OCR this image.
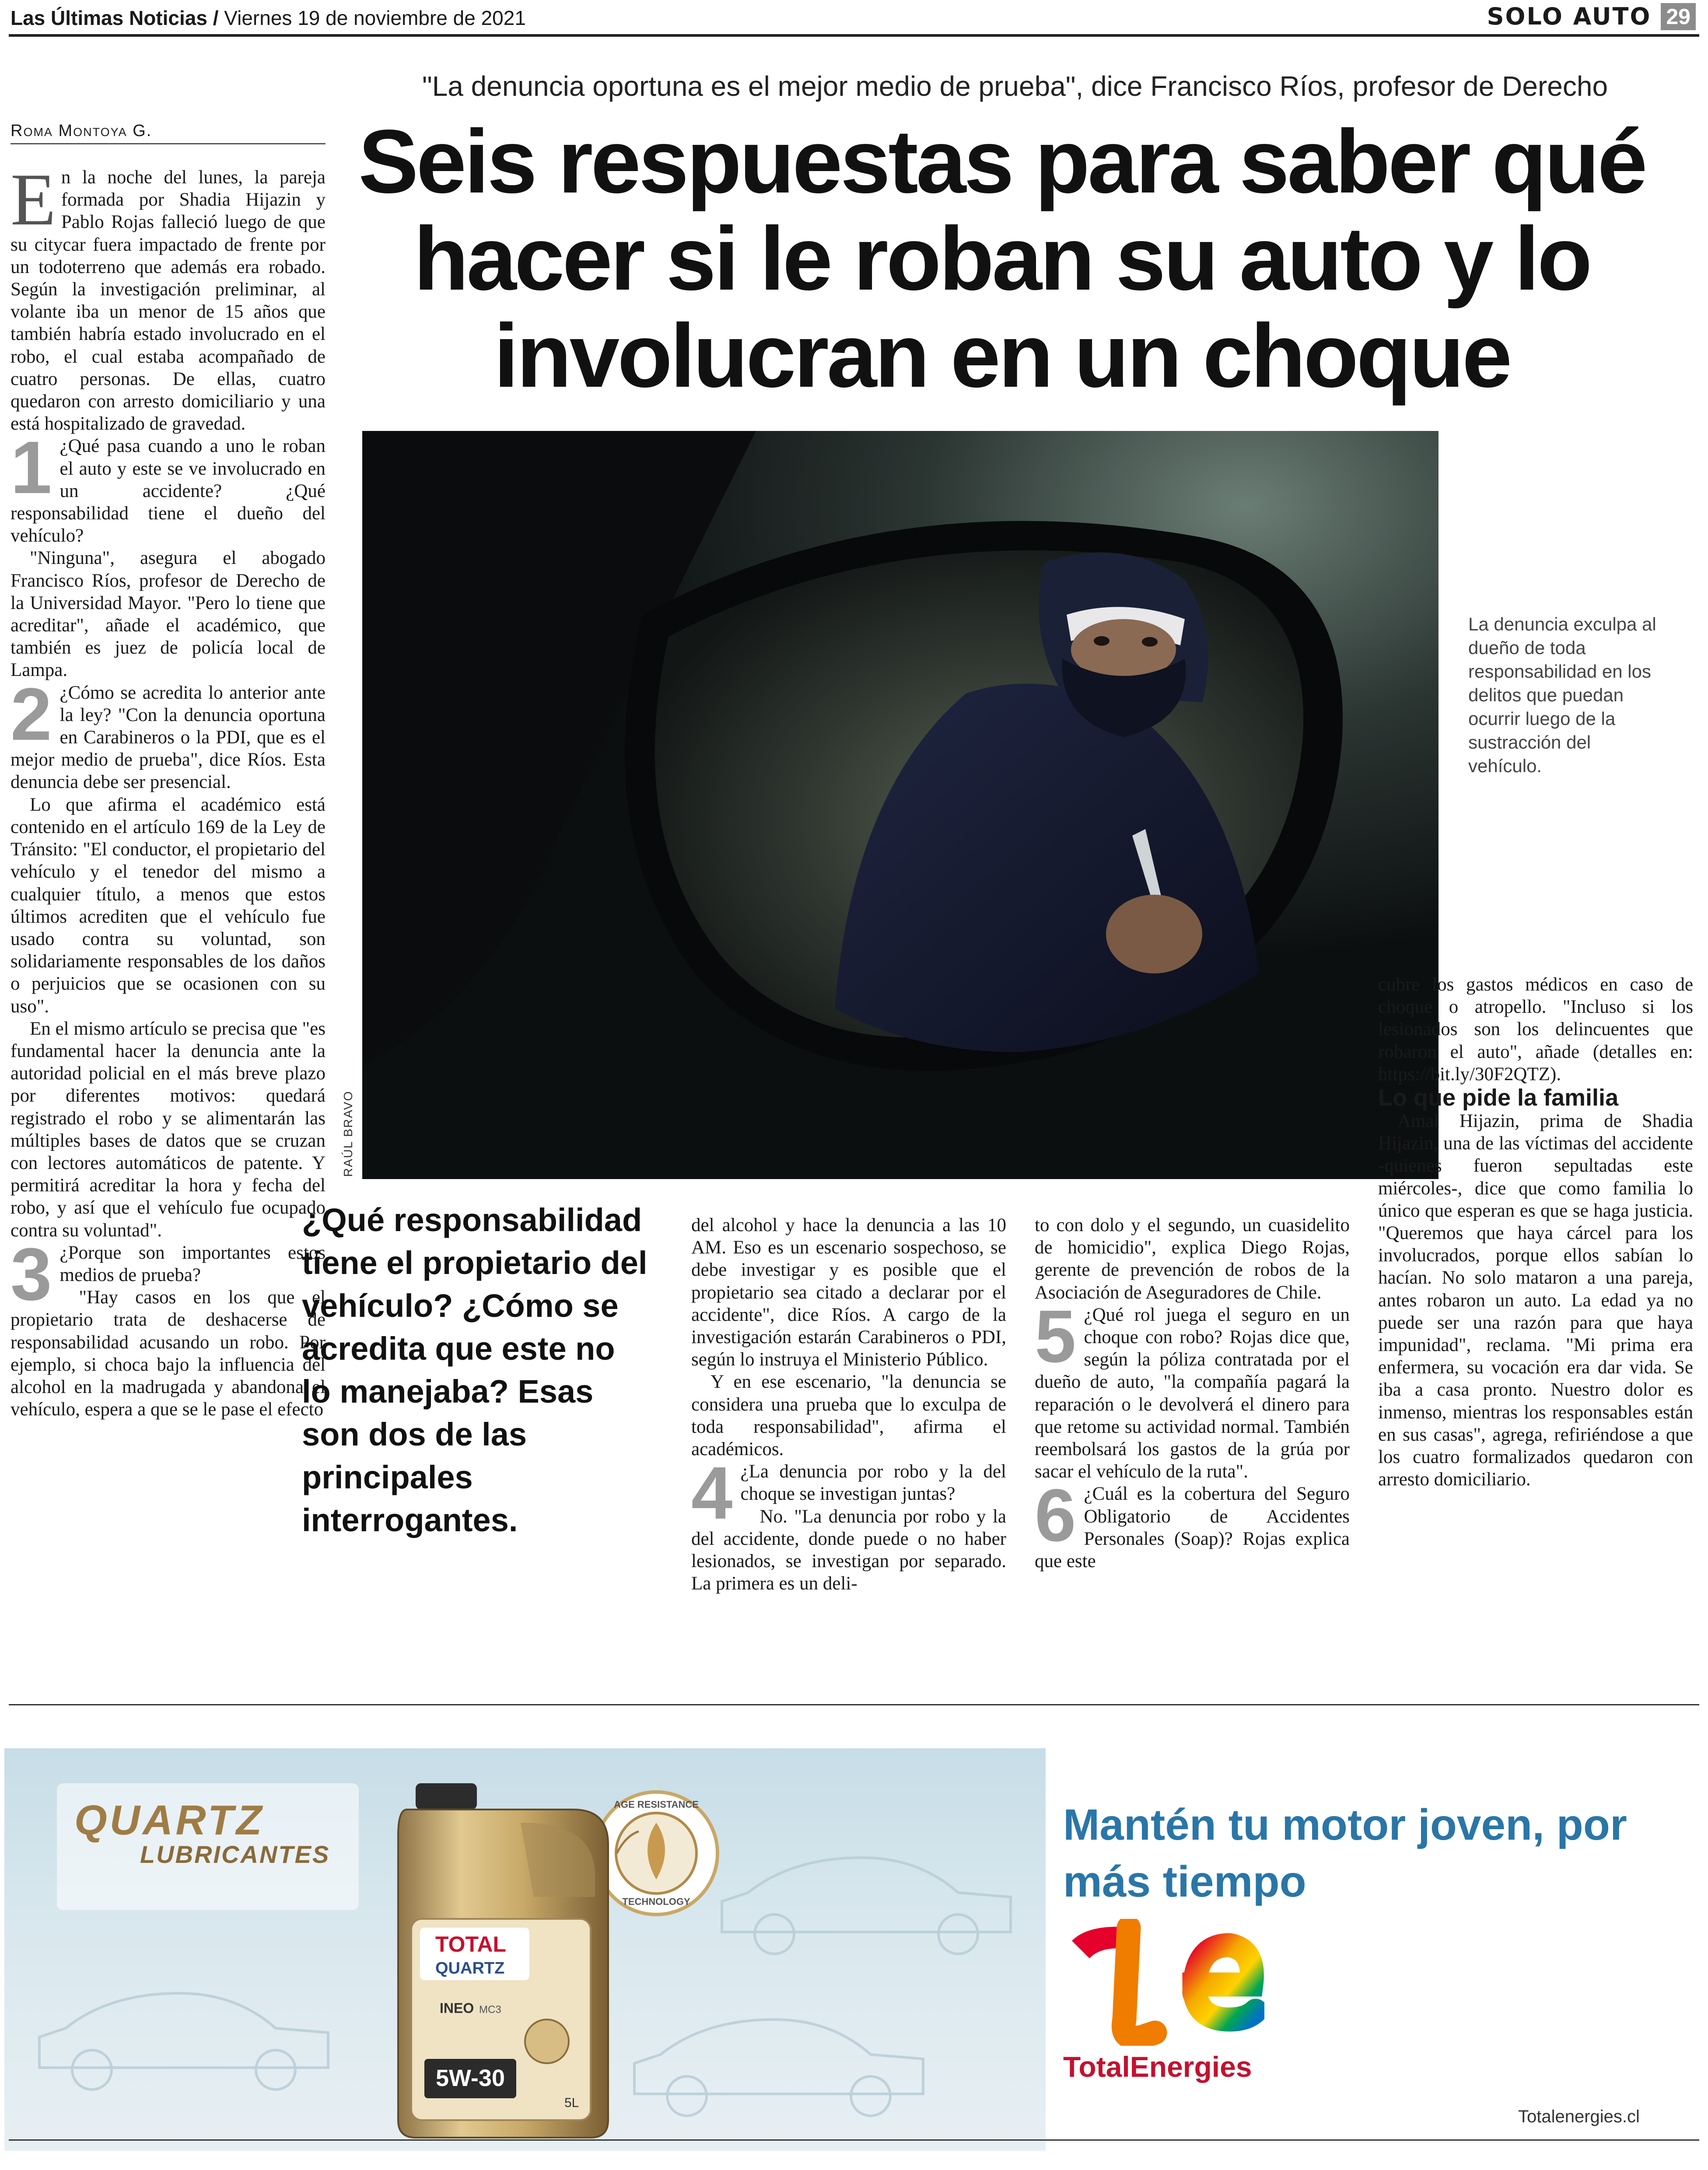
Las Últimas Noticias / Viernes 19 de noviembre de 2021	SOLO AUTO 29
"La denuncia oportuna es el mejor medio de prueba", dice Francisco Ríos, profesor de Derecho
Seis respuestas para saber qué hacer si le roban su auto y lo involucran en un choque
Roma Montoya G.

En la noche del lunes, la pareja formada por Shadia Hijazin y Pablo Rojas falleció luego de que su citycar fuera impactado de frente por un todoterreno que además era robado. Según la investigación preliminar, al volante iba un menor de 15 años que también habría estado involucrado en el robo, el cual estaba acompañado de cuatro personas. De ellas, cuatro quedaron con arresto domiciliario y una está hospitalizado de gravedad.

1 ¿Qué pasa cuando a uno le roban el auto y este se ve involucrado en un accidente? ¿Qué responsabilidad tiene el dueño del vehículo?

"Ninguna", asegura el abogado Francisco Ríos, profesor de Derecho de la Universidad Mayor. "Pero lo tiene que acreditar", añade el académico, que también es juez de policía local de Lampa.

2 ¿Cómo se acredita lo anterior ante la ley? "Con la denuncia oportuna en Carabineros o la PDI, que es el mejor medio de prueba", dice Ríos. Esta denuncia debe ser presencial.

Lo que afirma el académico está contenido en el artículo 169 de la Ley de Tránsito: "El conductor, el propietario del vehículo y el tenedor del mismo a cualquier título, a menos que estos últimos acrediten que el vehículo fue usado contra su voluntad, son solidariamente responsables de los daños o perjuicios que se ocasionen con su uso".

En el mismo artículo se precisa que "es fundamental hacer la denuncia ante la autoridad policial en el más breve plazo por diferentes motivos: quedará registrado el robo y se alimentarán las múltiples bases de datos que se cruzan con lectores automáticos de patente. Y permitirá acreditar la hora y fecha del robo, y así que el vehículo fue ocupado contra su voluntad".

3 ¿Porque son importantes estos medios de prueba?

"Hay casos en los que el propietario trata de deshacerse de responsabilidad acusando un robo. Por ejemplo, si choca bajo la influencia del alcohol en la madrugada y abandona el vehículo, espera a que se le pase el efecto

RAÚL BRAVO
La denuncia exculpa al dueño de toda responsabilidad en los delitos que puedan ocurrir luego de la sustracción del vehículo.
¿Qué responsabilidad tiene el propietario del vehículo? ¿Cómo se acredita que este no lo manejaba? Esas son dos de las principales interrogantes.

del alcohol y hace la denuncia a las 10 AM. Eso es un escenario sospechoso, se debe investigar y es posible que el propietario sea citado a declarar por el accidente", dice Ríos. A cargo de la investigación estarán Carabineros o PDI, según lo instruya el Ministerio Público.

Y en ese escenario, "la denuncia se considera una prueba que lo exculpa de toda responsabilidad", afirma el académicos.

4 ¿La denuncia por robo y la del choque se investigan juntas?

No. "La denuncia por robo y la del accidente, donde puede o no haber lesionados, se investigan por separado. La primera es un deli-

to con dolo y el segundo, un cuasidelito de homicidio", explica Diego Rojas, gerente de prevención de robos de la Asociación de Aseguradores de Chile.

5 ¿Qué rol juega el seguro en un choque con robo? Rojas dice que, según la póliza contratada por el dueño de auto, "la compañía pagará la reparación o le devolverá el dinero para que retome su actividad normal. También reembolsará los gastos de la grúa por sacar el vehículo de la ruta".

6 ¿Cuál es la cobertura del Seguro Obligatorio de Accidentes Personales (Soap)? Rojas explica que este

cubre los gastos médicos en caso de choque o atropello. "Incluso si los lesionados son los delincuentes que robaron el auto", añade (detalles en: https://bit.ly/30F2QTZ).

Lo que pide la familia

Amal Hijazin, prima de Shadia Hijazin, una de las víctimas del accidente -quienes fueron sepultadas este miércoles-, dice que como familia lo único que esperan es que se haga justicia. "Queremos que haya cárcel para los involucrados, porque ellos sabían lo hacían. No solo mataron a una pareja, antes robaron un auto. La edad ya no puede ser una razón para que haya impunidad", reclama. "Mi prima era enfermera, su vocación era dar vida. Se iba a casa pronto. Nuestro dolor es inmenso, mientras los responsables están en sus casas", agrega, refiriéndose a que los cuatro formalizados quedaron con arresto domiciliario.

QUARTZ
LUBRICANTES
AGE RESISTANCE
TECHNOLOGY
TOTAL
QUARTZ
INEO MC3
5W-30
5L
Mantén tu motor joven, por más tiempo
TotalEnergies
Totalenergies.cl
